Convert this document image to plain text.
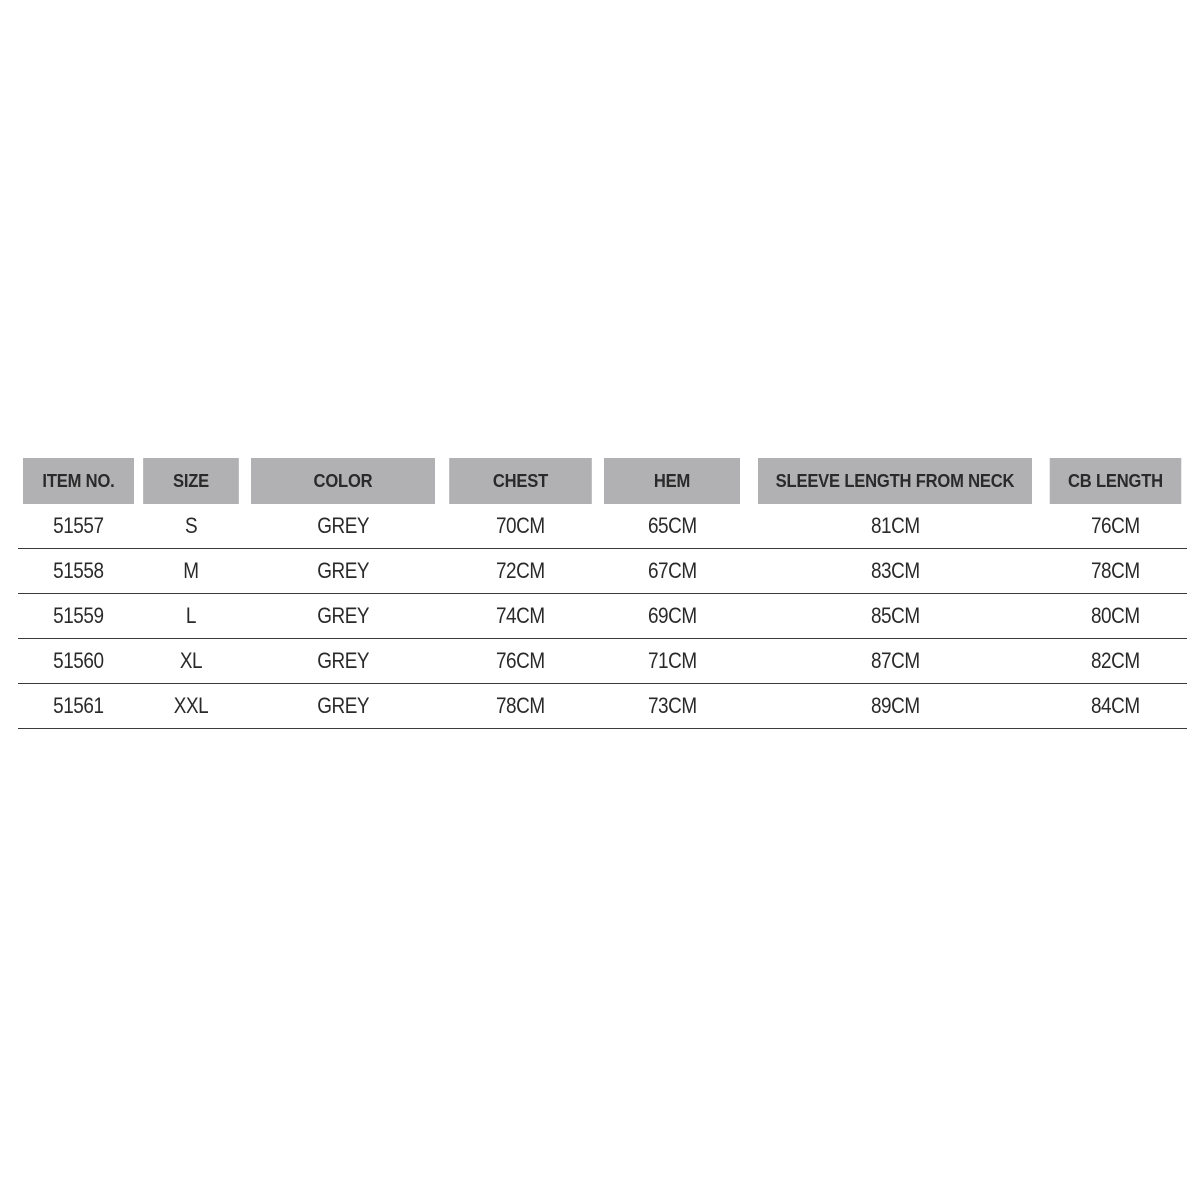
ITEM NO.	SIZE	COLOR	CHEST	HEM	SLEEVE LENGTH FROM NECK	CB LENGTH
51557	S	GREY	70CM	65CM	81CM	76CM
51558	M	GREY	72CM	67CM	83CM	78CM
51559	L	GREY	74CM	69CM	85CM	80CM
51560	XL	GREY	76CM	71CM	87CM	82CM
51561	XXL	GREY	78CM	73CM	89CM	84CM
